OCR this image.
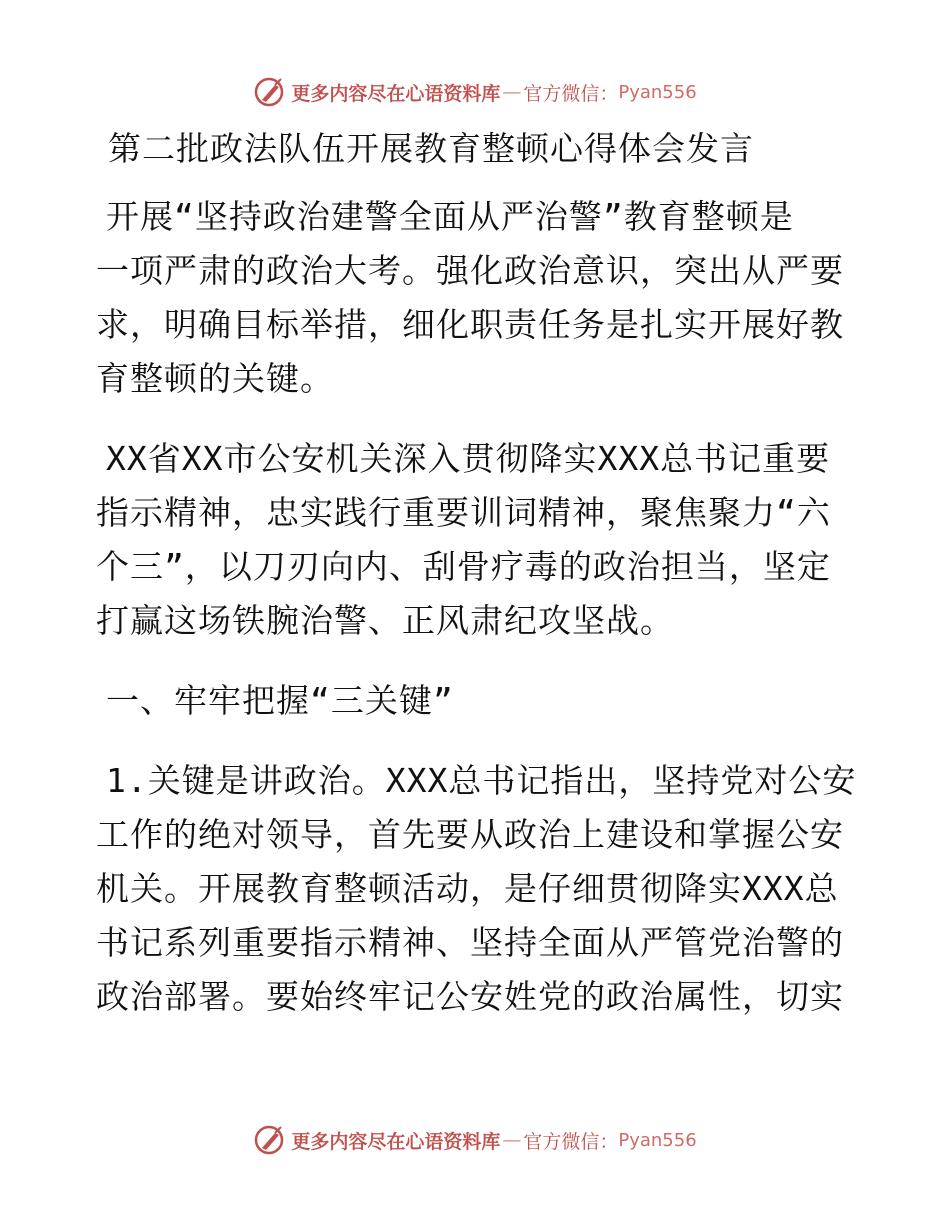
更多内容尽在心语资料库 — 官方微信： Pyan556

第二批政法队伍开展教育整顿心得体会发言

开展“坚持政治建警全面从严治警”教育整顿是

一项严肃的政治大考。强化政治意识，突出从严要

求，明确目标举措，细化职责任务是扎实开展好教

育整顿的关键。

XX省XX市公安机关深入贯彻降实XXX总书记重要

指示精神，忠实践行重要训词精神，聚焦聚力“六

个三”，以刀刃向内、刮骨疗毒的政治担当，坚定

打赢这场铁腕治警、正风肃纪攻坚战。

一、牢牢把握“三关键”

1.关键是讲政治。XXX总书记指出，坚持党对公安

工作的绝对领导，首先要从政治上建设和掌握公安

机关。开展教育整顿活动，是仔细贯彻降实XXX总

书记系列重要指示精神、坚持全面从严管党治警的

政治部署。要始终牢记公安姓党的政治属性，切实

更多内容尽在心语资料库 — 官方微信： Pyan556
